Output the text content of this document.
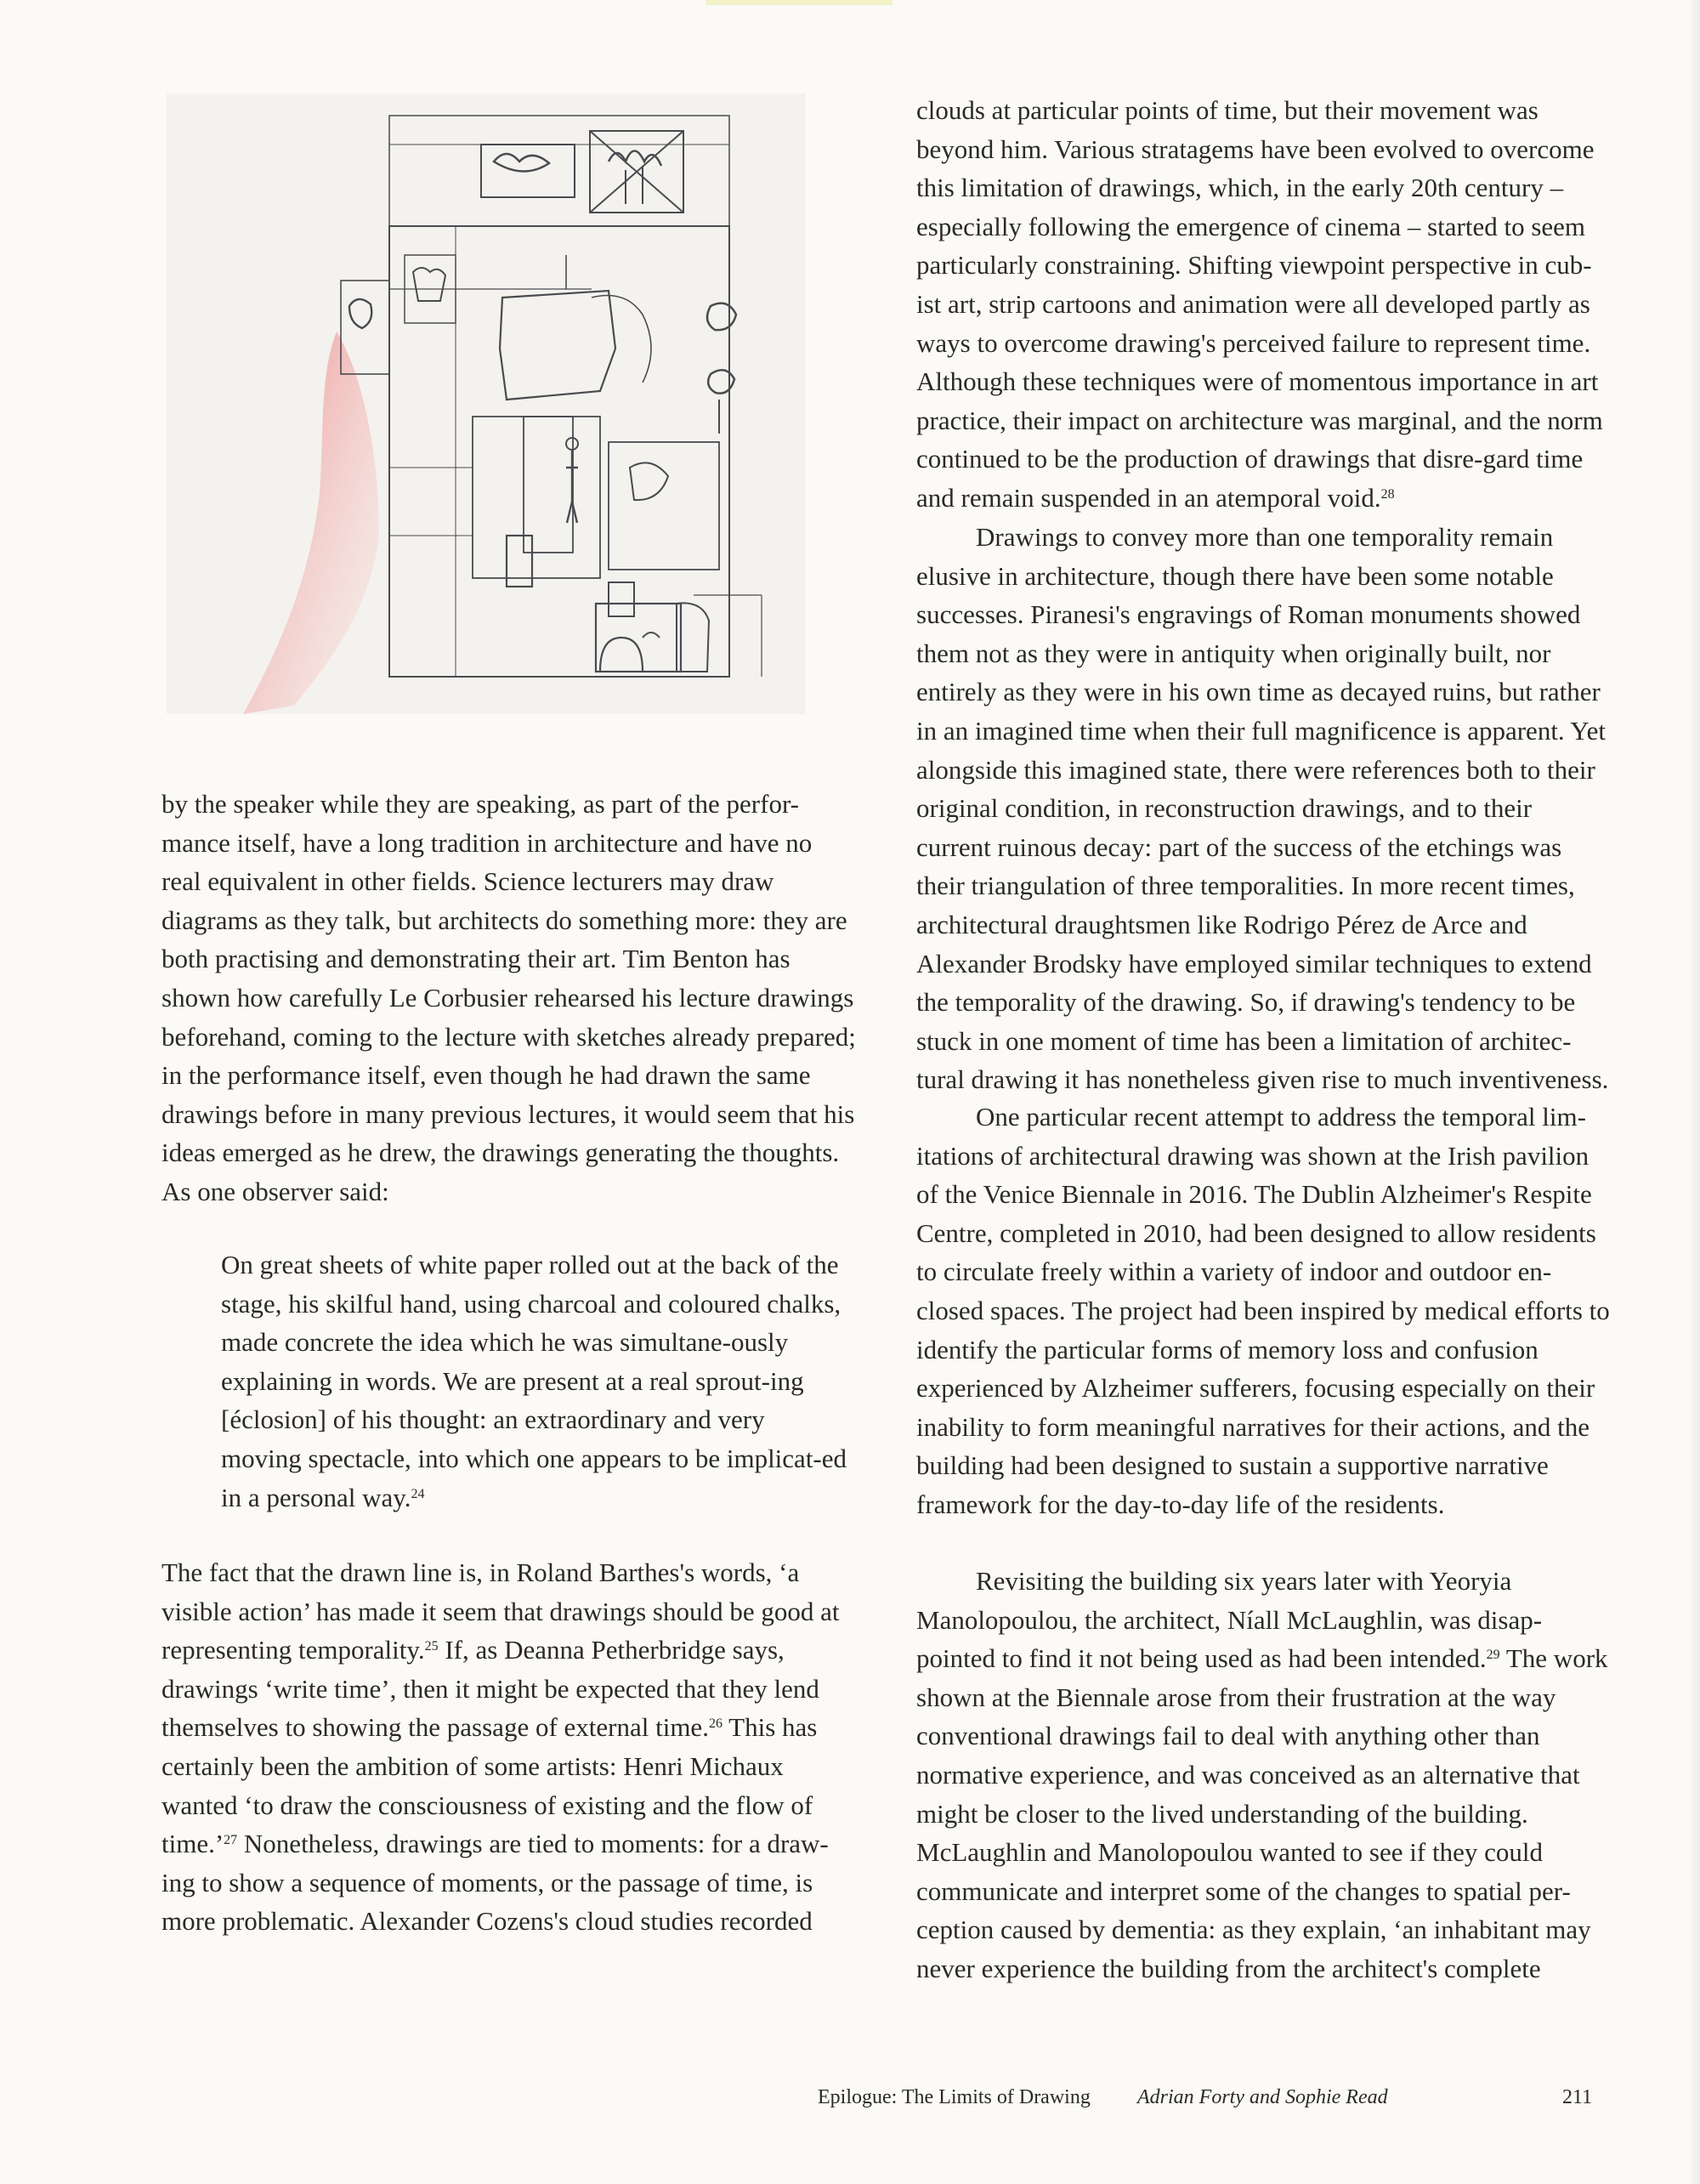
by the speaker while they are speaking, as part of the perfor-mance itself, have a long tradition in architecture and have no real equivalent in other fields. Science lecturers may draw diagrams as they talk, but architects do something more: they are both practising and demonstrating their art. Tim Benton has shown how carefully Le Corbusier rehearsed his lecture drawings beforehand, coming to the lecture with sketches already prepared; in the performance itself, even though he had drawn the same drawings before in many previous lectures, it would seem that his ideas emerged as he drew, the drawings generating the thoughts. As one observer said:

On great sheets of white paper rolled out at the back of the stage, his skilful hand, using charcoal and coloured chalks, made concrete the idea which he was simultane-ously explaining in words. We are present at a real sprout-ing [éclosion] of his thought: an extraordinary and very moving spectacle, into which one appears to be implicat-ed in a personal way.$^{24}$

The fact that the drawn line is, in Roland Barthes's words, ‘a visible action’ has made it seem that drawings should be good at representing temporality.$^{25}$ If, as Deanna Petherbridge says, drawings ‘write time’, then it might be expected that they lend themselves to showing the passage of external time.$^{26}$ This has certainly been the ambition of some artists: Henri Michaux wanted ‘to draw the consciousness of existing and the flow of time.’$^{27}$ Nonetheless, drawings are tied to moments: for a draw-ing to show a sequence of moments, or the passage of time, is more problematic. Alexander Cozens's cloud studies recorded

clouds at particular points of time, but their movement was beyond him. Various stratagems have been evolved to overcome this limitation of drawings, which, in the early 20th century – especially following the emergence of cinema – started to seem particularly constraining. Shifting viewpoint perspective in cub-ist art, strip cartoons and animation were all developed partly as ways to overcome drawing's perceived failure to represent time. Although these techniques were of momentous importance in art practice, their impact on architecture was marginal, and the norm continued to be the production of drawings that disre-gard time and remain suspended in an atemporal void.$^{28}$

Drawings to convey more than one temporality remain elusive in architecture, though there have been some notable successes. Piranesi's engravings of Roman monuments showed them not as they were in antiquity when originally built, nor entirely as they were in his own time as decayed ruins, but rather in an imagined time when their full magnificence is apparent. Yet alongside this imagined state, there were references both to their original condition, in reconstruction drawings, and to their current ruinous decay: part of the success of the etchings was their triangulation of three temporalities. In more recent times, architectural draughtsmen like Rodrigo Pérez de Arce and Alexander Brodsky have employed similar techniques to extend the temporality of the drawing. So, if drawing's tendency to be stuck in one moment of time has been a limitation of architec-tural drawing it has nonetheless given rise to much inventiveness.

One particular recent attempt to address the temporal lim-itations of architectural drawing was shown at the Irish pavilion of the Venice Biennale in 2016. The Dublin Alzheimer's Respite Centre, completed in 2010, had been designed to allow residents to circulate freely within a variety of indoor and outdoor en-closed spaces. The project had been inspired by medical efforts to identify the particular forms of memory loss and confusion experienced by Alzheimer sufferers, focusing especially on their inability to form meaningful narratives for their actions, and the building had been designed to sustain a supportive narrative framework for the day-to-day life of the residents.

Revisiting the building six years later with Yeoryia Manolopoulou, the architect, Níall McLaughlin, was disap-pointed to find it not being used as had been intended.$^{29}$ The work shown at the Biennale arose from their frustration at the way conventional drawings fail to deal with anything other than normative experience, and was conceived as an alternative that might be closer to the lived understanding of the building. McLaughlin and Manolopoulou wanted to see if they could communicate and interpret some of the changes to spatial per-ception caused by dementia: as they explain, ‘an inhabitant may never experience the building from the architect's complete

Epilogue: The Limits of Drawing Adrian Forty and Sophie Read	211
